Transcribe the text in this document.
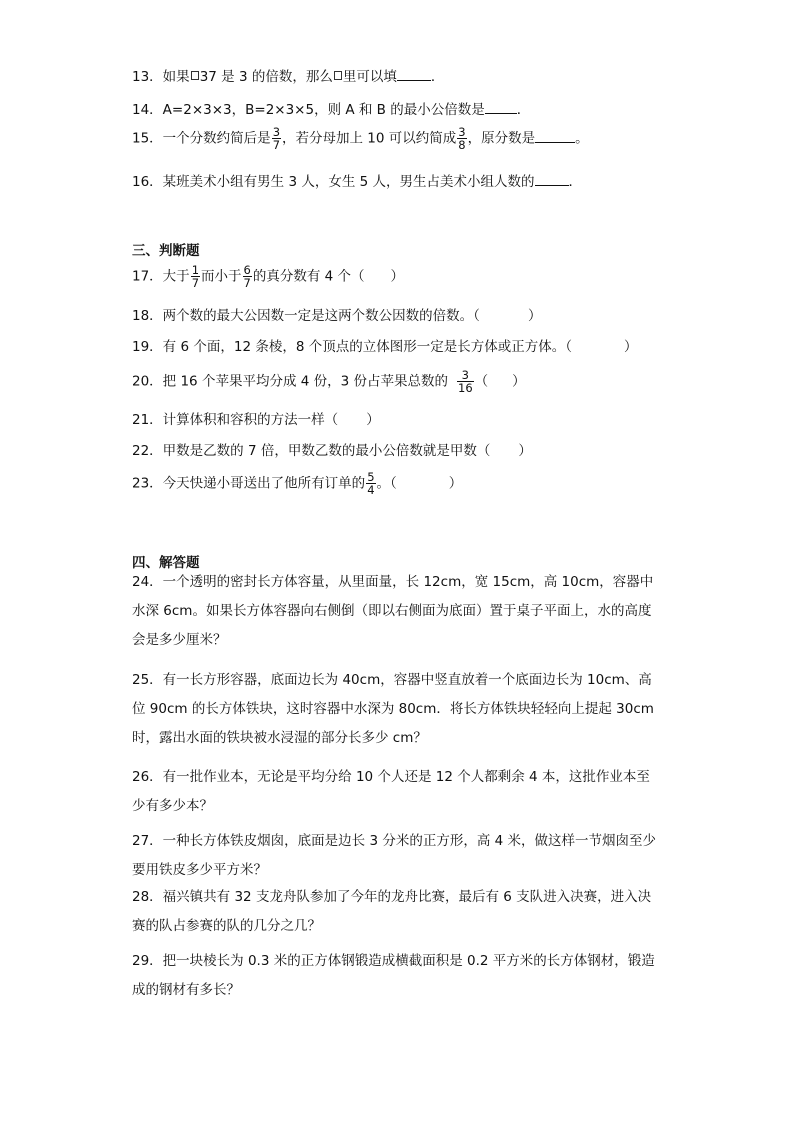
13．如果 37 是 3 的倍数，那么 里可以填	．
14．A=2×3×3，B=2×3×5，则 A 和 B 的最小公倍数是 ．
15．一个分数约简后是 $\frac{3}{7}$ ，若分母加上 10 可以约简成 $\frac{3}{8}$ ，原分数是	。
16．某班美术小组有男生 3 人，女生 5 人，男生占美术小组人数的	．
三、判断题
17．大于 $\frac{1}{7}$ 而小于 $\frac{6}{7}$ 的真分数有 4 个（ ）
18．两个数的最大公因数一定是这两个数公因数的倍数。（	）
19．有 6 个面，12 条棱，8 个顶点的立体图形一定是长方体或正方体。（	）
20．把 16 个苹果平均分成 4 份，3 份占苹果总数的 $\frac{3}{16}$ （ ）
21．计算体积和容积的方法一样（ ）
22．甲数是乙数的 7 倍，甲数乙数的最小公倍数就是甲数（ ）
23．今天快递小哥送出了他所有订单的 $\frac{5}{4}$ 。（	）
四、解答题
24．一个透明的密封长方体容量，从里面量，长 12cm，宽 15cm，高 10cm，容器中水深 6cm。如果长方体容器向右侧倒（即以右侧面为底面）置于桌子平面上，水的高度会是多少厘米？
25．有一长方形容器，底面边长为 40cm，容器中竖直放着一个底面边长为 10cm、高位 90cm 的长方体铁块，这时容器中水深为 80cm．将长方体铁块轻轻向上提起 30cm时，露出水面的铁块被水浸湿的部分长多少 cm？
26．有一批作业本，无论是平均分给 10 个人还是 12 个人都剩余 4 本，这批作业本至少有多少本？
27．一种长方体铁皮烟囱，底面是边长 3 分米的正方形，高 4 米，做这样一节烟囱至少要用铁皮多少平方米？
28．福兴镇共有 32 支龙舟队参加了今年的龙舟比赛，最后有 6 支队进入决赛，进入决赛的队占参赛的队的几分之几？
29．把一块棱长为 0.3 米的正方体钢锻造成横截面积是 0.2 平方米的长方体钢材，锻造成的钢材有多长？
